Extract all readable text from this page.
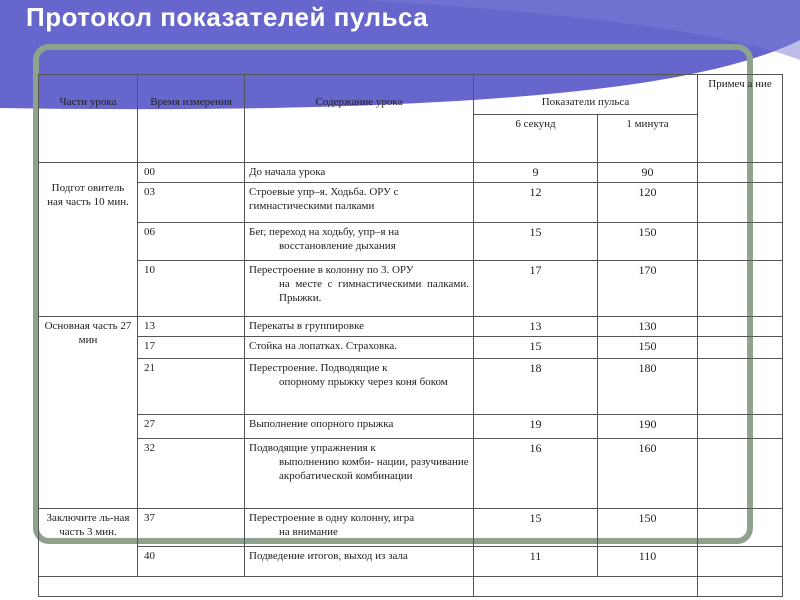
Протокол показателей пульса
Части урока	Время измерения	Содержание урока	Показатели пульса		Примеч а ние
			6 секунд	1 минута	
Подгот овитель ная часть 10 мин.	00	До начала урока	9	90	
	03	Строевые упр–я. Ходьба. ОРУ с гимнастическими палками	12	120	
	06	Бег, переход на ходьбу, упр–я на
восстановление дыхания	15	150	
	10	Перестроение в колонну по 3. ОРУ
на месте с гимнастическими палками. Прыжки.	17	170	
Основная часть 27 мин	13	Перекаты в группировке	13	130	
	17	Стойка на лопатках. Страховка.	15	150	
	21	Перестроение. Подводящие к
опорному прыжку через коня боком	18	180	
	27	Выполнение опорного прыжка	19	190	
	32	Подводящие упражнения к
выполнению комби- нации, разучивание акробатической комбинации	16	160	
Заключите ль-ная часть 3 мин.	37	Перестроение в одну колонну, игра
на внимание	15	150	
	40	Подведение итогов, выход из зала	11	110	
